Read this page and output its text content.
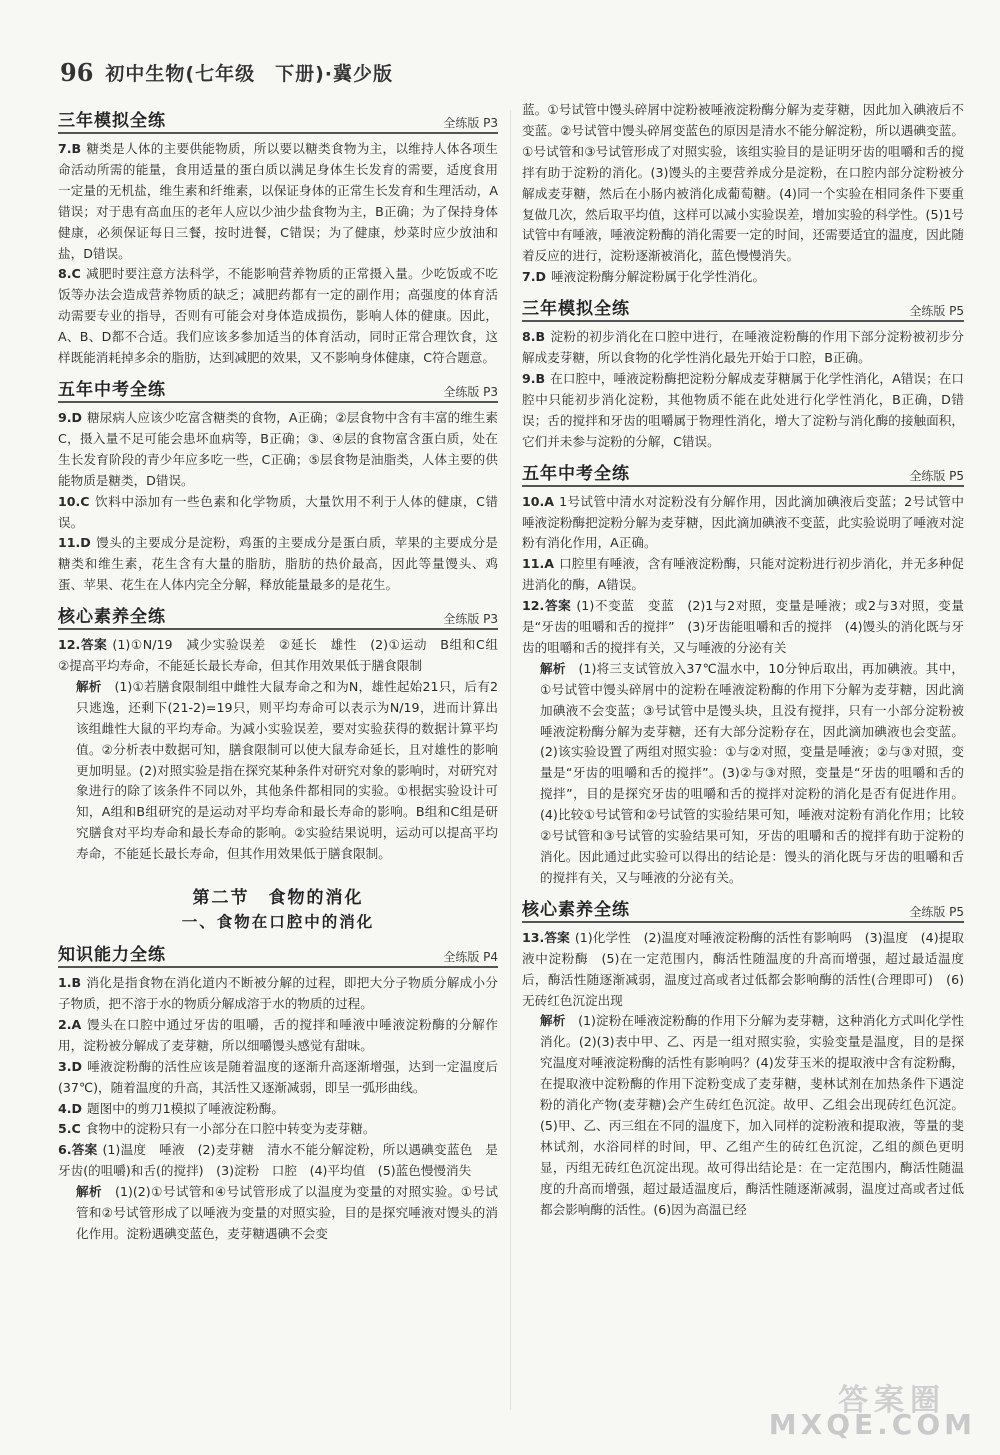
96 初中生物(七年级　下册)·冀少版
三年模拟全练	全练版 P3

7.B 糖类是人体的主要供能物质，所以要以糖类食物为主，以维持人体各项生命活动所需的能量，食用适量的蛋白质以满足身体生长发育的需要，适度食用一定量的无机盐，维生素和纤维素，以保证身体的正常生长发育和生理活动，A错误；对于患有高血压的老年人应以少油少盐食物为主，B正确；为了保持身体健康，必须保证每日三餐，按时进餐，C错误；为了健康，炒菜时应少放油和盐，D错误。

8.C 减肥时要注意方法科学，不能影响营养物质的正常摄入量。少吃饭或不吃饭等办法会造成营养物质的缺乏；减肥药都有一定的副作用；高强度的体育活动需要专业的指导，否则有可能会对身体造成损伤，影响人体的健康。因此，A、B、D都不合适。我们应该多参加适当的体育活动，同时正常合理饮食，这样既能消耗掉多余的脂肪，达到减肥的效果，又不影响身体健康，C符合题意。

五年中考全练	全练版 P3

9.D 糖尿病人应该少吃富含糖类的食物，A正确；②层食物中含有丰富的维生素C，摄入量不足可能会患坏血病等，B正确；③、④层的食物富含蛋白质，处在生长发育阶段的青少年应多吃一些，C正确；⑤层食物是油脂类，人体主要的供能物质是糖类，D错误。

10.C 饮料中添加有一些色素和化学物质，大量饮用不利于人体的健康，C错误。

11.D 馒头的主要成分是淀粉，鸡蛋的主要成分是蛋白质，苹果的主要成分是糖类和维生素，花生含有大量的脂肪，脂肪的热价最高，因此等量馒头、鸡蛋、苹果、花生在人体内完全分解，释放能量最多的是花生。

核心素养全练	全练版 P3

12.答案 (1)①N/19　减少实验误差　②延长　雄性　(2)①运动　B组和C组　②提高平均寿命，不能延长最长寿命，但其作用效果低于膳食限制

解析　 (1)①若膳食限制组中雌性大鼠寿命之和为N，雄性起始21只，后有2只逃逸，还剩下(21-2)=19只，则平均寿命可以表示为N/19，进而计算出该组雌性大鼠的平均寿命。为减小实验误差，要对实验获得的数据计算平均值。②分析表中数据可知，膳食限制可以使大鼠寿命延长，且对雄性的影响更加明显。(2)对照实验是指在探究某种条件对研究对象的影响时，对研究对象进行的除了该条件不同以外，其他条件都相同的实验。①根据实验设计可知，A组和B组研究的是运动对平均寿命和最长寿命的影响。B组和C组是研究膳食对平均寿命和最长寿命的影响。②实验结果说明，运动可以提高平均寿命，不能延长最长寿命，但其作用效果低于膳食限制。

第二节　食物的消化
一、食物在口腔中的消化
知识能力全练	全练版 P4

1.B 消化是指食物在消化道内不断被分解的过程，即把大分子物质分解成小分子物质，把不溶于水的物质分解成溶于水的物质的过程。

2.A 馒头在口腔中通过牙齿的咀嚼，舌的搅拌和唾液中唾液淀粉酶的分解作用，淀粉被分解成了麦芽糖，所以细嚼馒头感觉有甜味。

3.D 唾液淀粉酶的活性应该是随着温度的逐渐升高逐渐增强，达到一定温度后(37℃)，随着温度的升高，其活性又逐渐减弱，即呈一弧形曲线。

4.D 题图中的剪刀1模拟了唾液淀粉酶。

5.C 食物中的淀粉只有一小部分在口腔中转变为麦芽糖。

6.答案 (1)温度　唾液　(2)麦芽糖　清水不能分解淀粉，所以遇碘变蓝色　是　牙齿(的咀嚼)和舌(的搅拌)　(3)淀粉　口腔　(4)平均值　(5)蓝色慢慢消失

解析　 (1)(2)①号试管和④号试管形成了以温度为变量的对照实验。①号试管和②号试管形成了以唾液为变量的对照实验，目的是探究唾液对馒头的消化作用。淀粉遇碘变蓝色，麦芽糖遇碘不会变

蓝。①号试管中馒头碎屑中淀粉被唾液淀粉酶分解为麦芽糖，因此加入碘液后不变蓝。②号试管中馒头碎屑变蓝色的原因是清水不能分解淀粉，所以遇碘变蓝。①号试管和③号试管形成了对照实验，该组实验目的是证明牙齿的咀嚼和舌的搅拌有助于淀粉的消化。(3)馒头的主要营养成分是淀粉，在口腔内部分淀粉被分解成麦芽糖，然后在小肠内被消化成葡萄糖。(4)同一个实验在相同条件下要重复做几次，然后取平均值，这样可以减小实验误差，增加实验的科学性。(5)1号试管中有唾液，唾液淀粉酶的消化需要一定的时间，还需要适宜的温度，因此随着反应的进行，淀粉逐渐被消化，蓝色慢慢消失。

7.D 唾液淀粉酶分解淀粉属于化学性消化。

三年模拟全练	全练版 P5

8.B 淀粉的初步消化在口腔中进行，在唾液淀粉酶的作用下部分淀粉被初步分解成麦芽糖，所以食物的化学性消化最先开始于口腔，B正确。

9.B 在口腔中，唾液淀粉酶把淀粉分解成麦芽糖属于化学性消化，A错误；在口腔中只能初步消化淀粉，其他物质不能在此处进行化学性消化，B正确，D错误；舌的搅拌和牙齿的咀嚼属于物理性消化，增大了淀粉与消化酶的接触面积，它们并未参与淀粉的分解，C错误。

五年中考全练	全练版 P5

10.A 1号试管中清水对淀粉没有分解作用，因此滴加碘液后变蓝；2号试管中唾液淀粉酶把淀粉分解为麦芽糖，因此滴加碘液不变蓝，此实验说明了唾液对淀粉有消化作用，A正确。

11.A 口腔里有唾液，含有唾液淀粉酶，只能对淀粉进行初步消化，并无多种促进消化的酶，A错误。

12.答案 (1)不变蓝　变蓝　(2)1与2对照，变量是唾液；或2与3对照，变量是“牙齿的咀嚼和舌的搅拌”　(3)牙齿能咀嚼和舌的搅拌　(4)馒头的消化既与牙齿的咀嚼和舌的搅拌有关，又与唾液的分泌有关

解析　 (1)将三支试管放入37℃温水中，10分钟后取出，再加碘液。其中，①号试管中馒头碎屑中的淀粉在唾液淀粉酶的作用下分解为麦芽糖，因此滴加碘液不会变蓝；③号试管中是馒头块，且没有搅拌，只有一小部分淀粉被唾液淀粉酶分解为麦芽糖，还有大部分淀粉存在，因此滴加碘液也会变蓝。(2)该实验设置了两组对照实验：①与②对照，变量是唾液；②与③对照，变量是“牙齿的咀嚼和舌的搅拌”。(3)②与③对照，变量是“牙齿的咀嚼和舌的搅拌”，目的是探究牙齿的咀嚼和舌的搅拌对淀粉的消化是否有促进作用。(4)比较①号试管和②号试管的实验结果可知，唾液对淀粉有消化作用；比较②号试管和③号试管的实验结果可知，牙齿的咀嚼和舌的搅拌有助于淀粉的消化。因此通过此实验可以得出的结论是：馒头的消化既与牙齿的咀嚼和舌的搅拌有关，又与唾液的分泌有关。

核心素养全练	全练版 P5

13.答案 (1)化学性　(2)温度对唾液淀粉酶的活性有影响吗　(3)温度　(4)提取液中淀粉酶　(5)在一定范围内，酶活性随温度的升高而增强，超过最适温度后，酶活性随逐渐减弱，温度过高或者过低都会影响酶的活性(合理即可)　(6)无砖红色沉淀出现

解析　 (1)淀粉在唾液淀粉酶的作用下分解为麦芽糖，这种消化方式叫化学性消化。(2)(3)表中甲、乙、丙是一组对照实验，实验变量是温度，目的是探究温度对唾液淀粉酶的活性有影响吗？(4)发芽玉米的提取液中含有淀粉酶，在提取液中淀粉酶的作用下淀粉变成了麦芽糖，斐林试剂在加热条件下遇淀粉的消化产物(麦芽糖)会产生砖红色沉淀。故甲、乙组会出现砖红色沉淀。(5)甲、乙、丙三组在不同的温度下，加入同样的淀粉液和提取液，等量的斐林试剂，水浴同样的时间，甲、乙组产生的砖红色沉淀，乙组的颜色更明显，丙组无砖红色沉淀出现。故可得出结论是：在一定范围内，酶活性随温度的升高而增强，超过最适温度后，酶活性随逐渐减弱，温度过高或者过低都会影响酶的活性。(6)因为高温已经

答案圈
MXQE.COM
